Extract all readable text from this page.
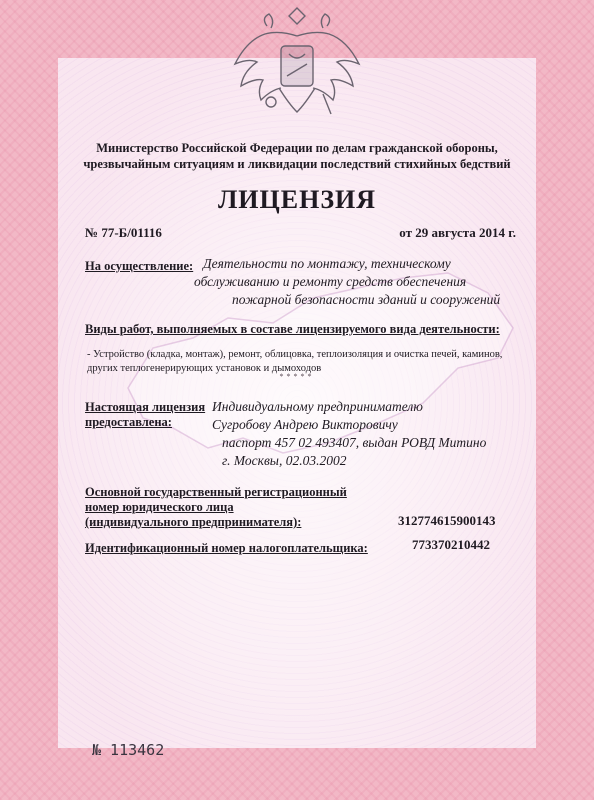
Министерство Российской Федерации по делам гражданской обороны,
чрезвычайным ситуациям и ликвидации последствий стихийных бедствий
ЛИЦЕНЗИЯ
№ 77-Б/01116	от 29 августа 2014 г.
На осуществление: Деятельности по монтажу, техническому
обслуживанию и ремонту средств обеспечения
пожарной безопасности зданий и сооружений
Виды работ, выполняемых в составе лицензируемого вида деятельности:
- Устройство (кладка, монтаж), ремонт, облицовка, теплоизоляция и очистка печей, каминов,
других теплогенерирующих установок и дымоходов
*****
Настоящая лицензия
предоставлена:
Индивидуальному предпринимателю
Сугробову Андрею Викторовичу
паспорт 457 02 493407, выдан РОВД Митино
г. Москвы, 02.03.2002
Основной государственный регистрационный
номер юридического лица
(индивидуального предпринимателя):	312774615900143
Идентификационный номер налогоплательщика:	773370210442
№ 113462
